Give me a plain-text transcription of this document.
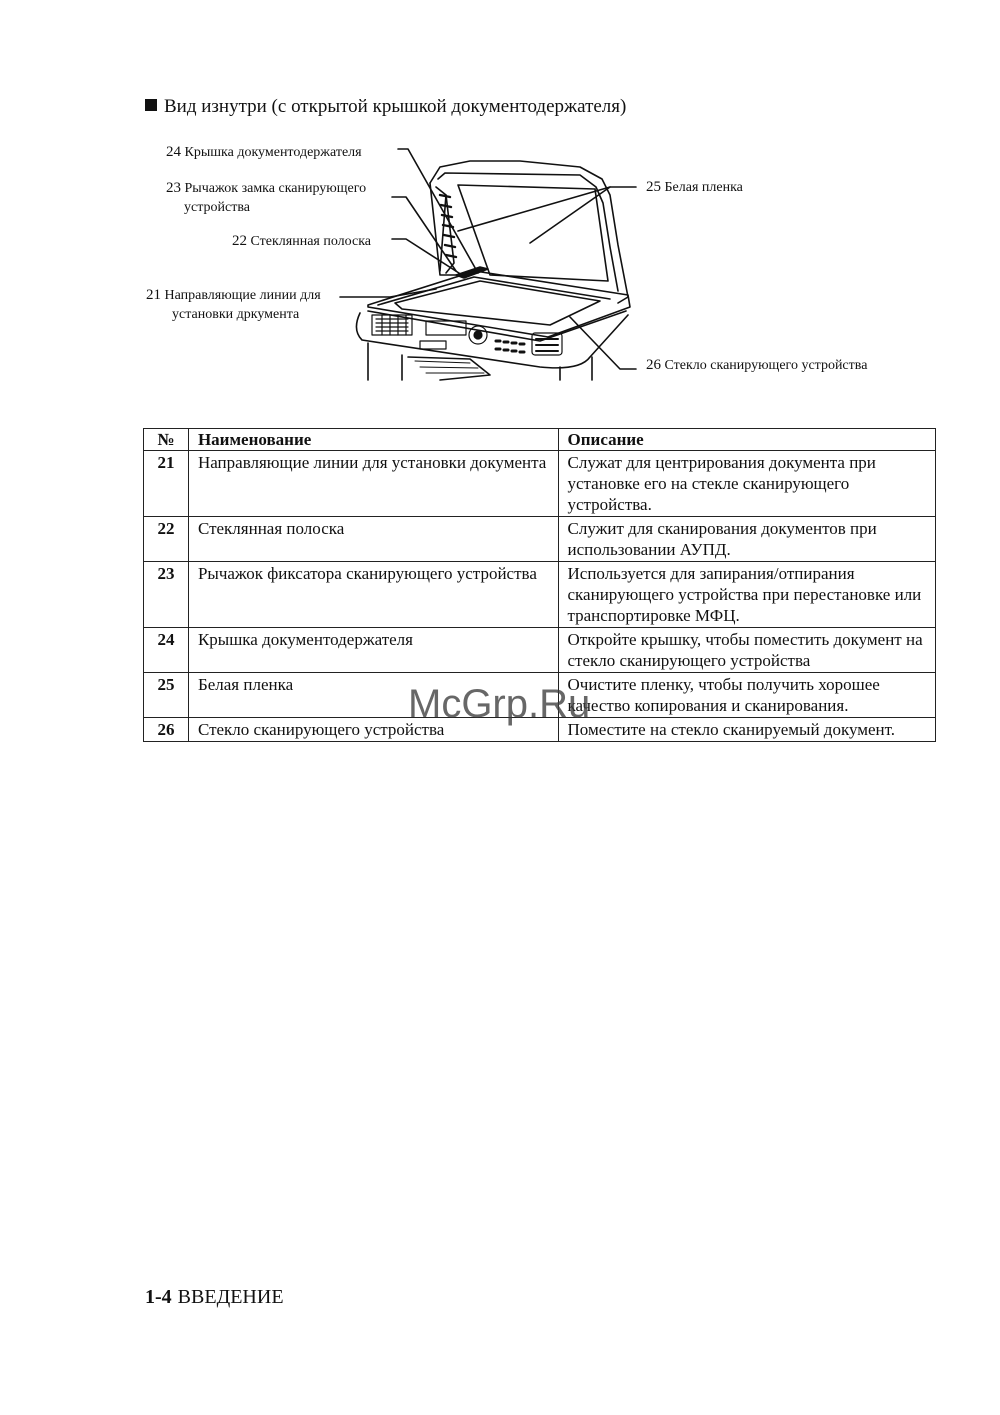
Вид изнутри (с открытой крышкой документодержателя)
24 Крышка документодержателя
23 Рычажок замка сканирующего
устройства
22 Стеклянная полоска
21 Направляющие линии для
установки дркумента
25 Белая пленка
26 Стекло сканирующего устройства
№	Наименование	Описание
21	Направляющие линии для установки документа	Служат для центрирования документа при установке его на стекле сканирующего устройства.
22	Стеклянная полоска	Служит для сканирования документов при использовании АУПД.
23	Рычажок фиксатора сканирующего устройства	Используется для запирания/отпирания сканирующего устройства при перестановке или транспортировке МФЦ.
24	Крышка документодержателя	Откройте крышку, чтобы поместить документ на стекло сканирующего устройства
25	Белая пленка	Очистите пленку, чтобы получить хорошее качество копирования и сканирования.
26	Стекло сканирующего устройства	Поместите на стекло сканируемый документ.
McGrp.Ru
1-4 ВВЕДЕНИЕ
